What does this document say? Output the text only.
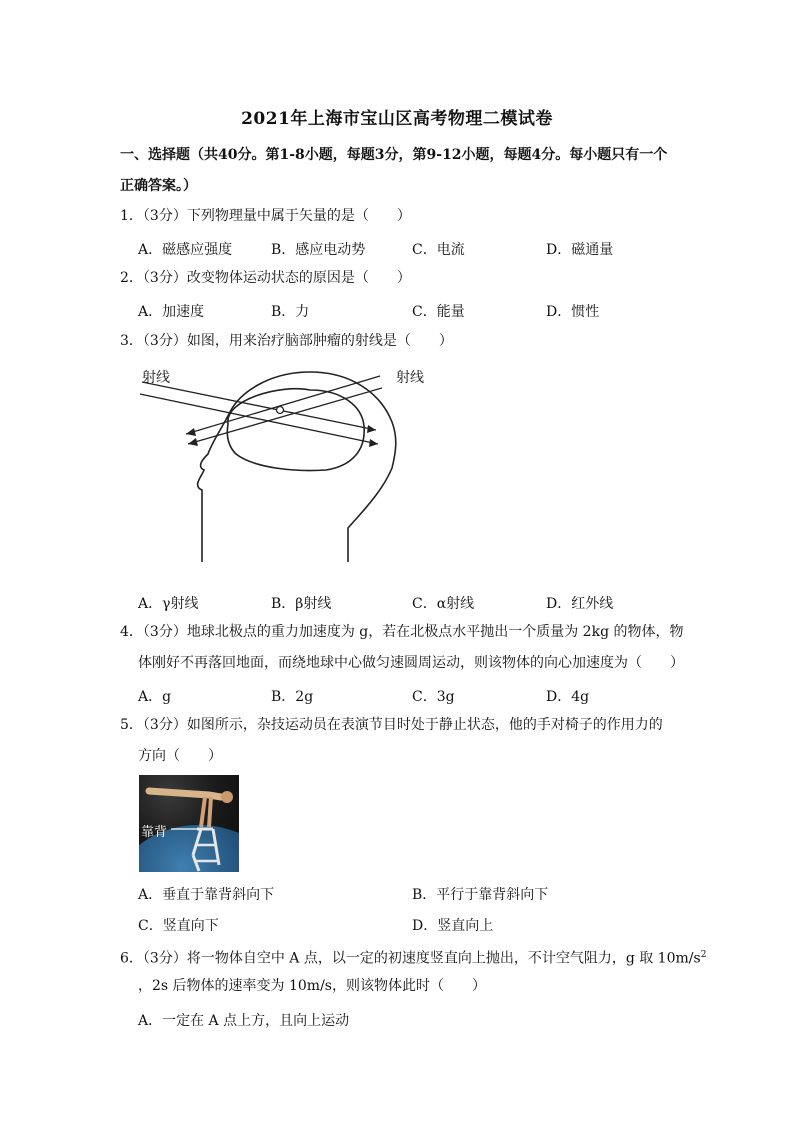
2021年上海市宝山区高考物理二模试卷
一、选择题（共40分。第1-8小题，每题3分，第9-12小题，每题4分。每小题只有一个
正确答案。）
1．（3分）下列物理量中属于矢量的是（　　）
A．磁感应强度	B．感应电动势	C．电流	D．磁通量
2．（3分）改变物体运动状态的原因是（　　）
A．加速度	B．力	C．能量	D．惯性
3．（3分）如图，用来治疗脑部肿瘤的射线是（　　）
射线	射线
A．γ射线	B．β射线	C．α射线	D．红外线
4．（3分）地球北极点的重力加速度为 g，若在北极点水平抛出一个质量为 2kg 的物体，物
体刚好不再落回地面，而绕地球中心做匀速圆周运动，则该物体的向心加速度为（　　）
A．g	B．2g	C．3g	D．4g
5．（3分）如图所示，杂技运动员在表演节目时处于静止状态，他的手对椅子的作用力的
方向（　　）
靠背
A．垂直于靠背斜向下	B．平行于靠背斜向下
C．竖直向下	D．竖直向上
6．（3分）将一物体自空中 A 点，以一定的初速度竖直向上抛出，不计空气阻力，g 取 $10m/s^2$
，2s 后物体的速率变为 10m/s，则该物体此时（　　）
A．一定在 A 点上方，且向上运动
